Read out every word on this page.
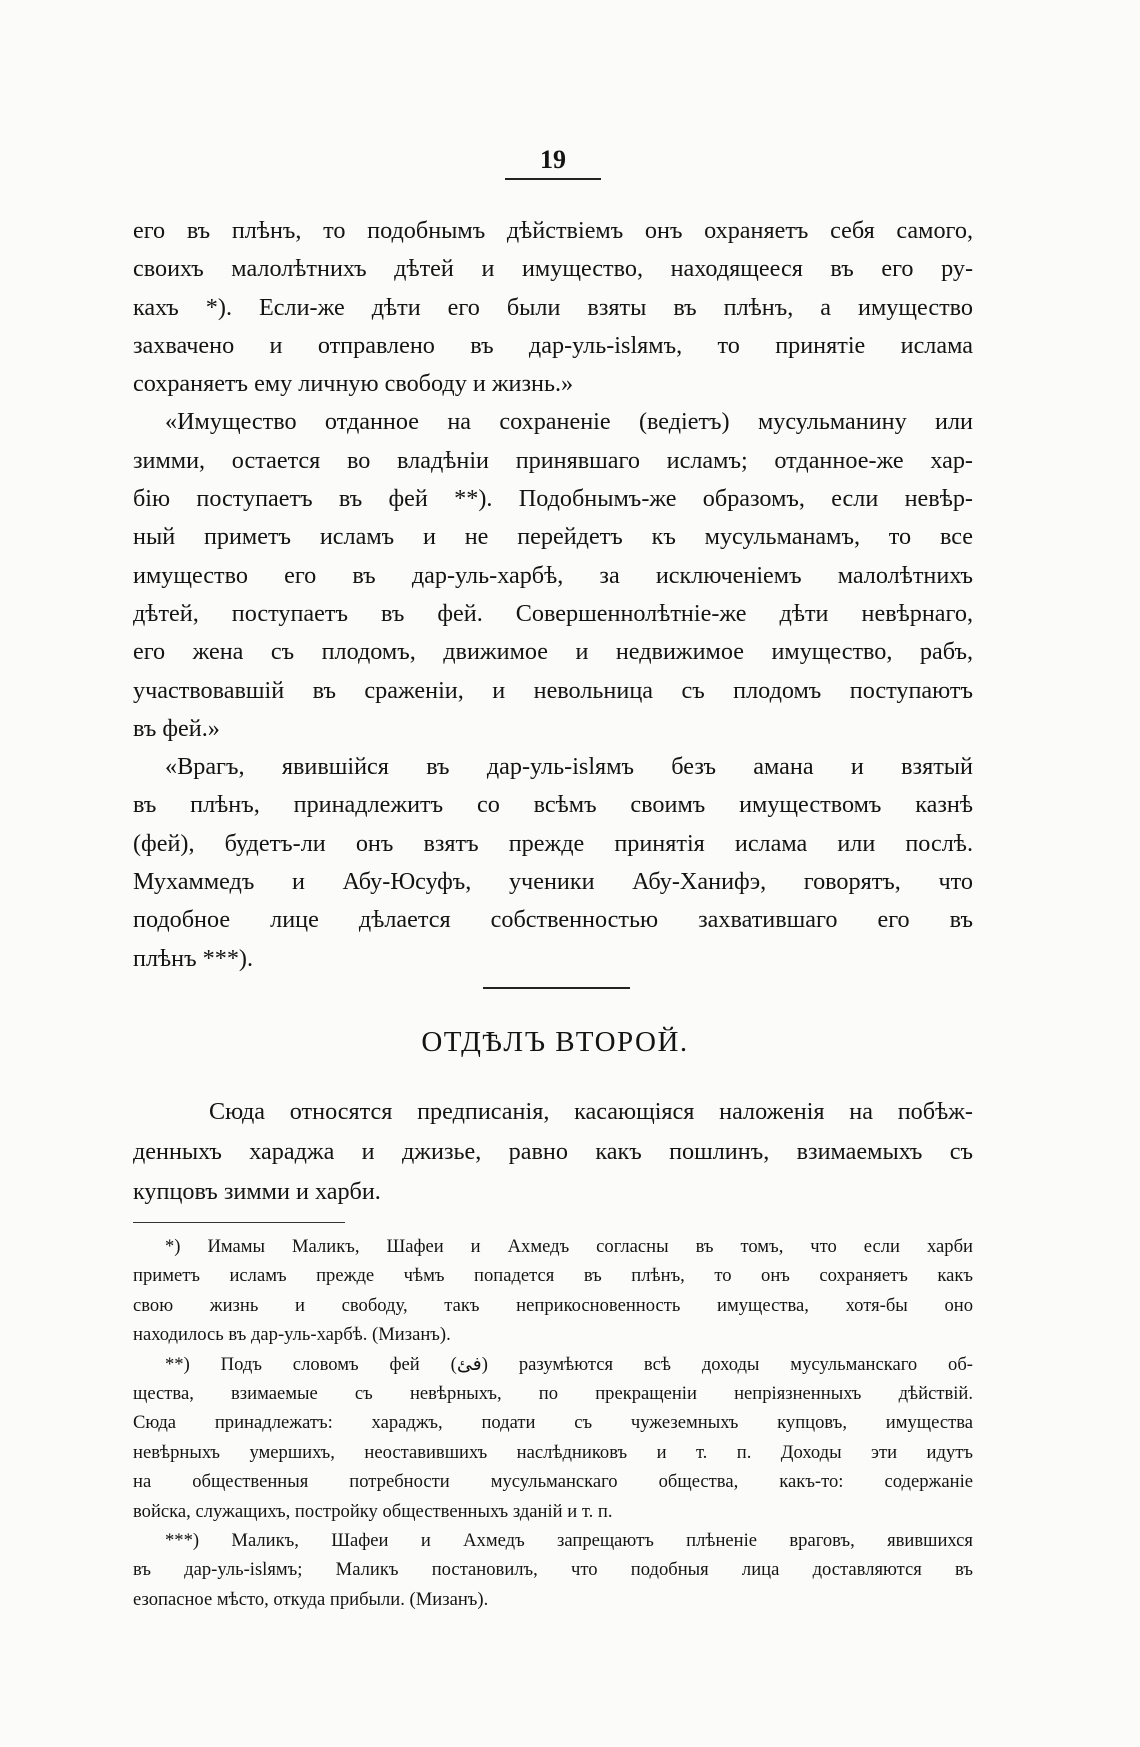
19

его въ плѣнъ, то подобнымъ дѣйствіемъ онъ охраняетъ себя самого,

своихъ малолѣтнихъ дѣтей и имущество, находящееся въ его ру-

кахъ *). Если-же дѣти его были взяты въ плѣнъ, а имущество

захвачено и отправлено въ дар-уль-islямъ, то принятіе ислама

сохраняетъ ему личную свободу и жизнь.»

«Имущество отданное на сохраненіе (ведіетъ) мусульманину или

зимми, остается во владѣніи принявшаго исламъ; отданное-же хар-

бію поступаетъ въ фей **). Подобнымъ-же образомъ, если невѣр-

ный приметъ исламъ и не перейдетъ къ мусульманамъ, то все

имущество его въ дар-уль-харбѣ, за исключеніемъ малолѣтнихъ

дѣтей, поступаетъ въ фей. Совершеннолѣтніе-же дѣти невѣрнаго,

его жена съ плодомъ, движимое и недвижимое имущество, рабъ,

участвовавшій въ сраженіи, и невольница съ плодомъ поступаютъ

въ фей.»

«Врагъ, явившійся въ дар-уль-islямъ безъ амана и взятый

въ плѣнъ, принадлежитъ со всѣмъ своимъ имуществомъ казнѣ

(фей), будетъ-ли онъ взятъ прежде принятія ислама или послѣ.

Мухаммедъ и Абу-Юсуфъ, ученики Абу-Ханифэ, говорятъ, что

подобное лице дѣлается собственностью захватившаго его въ

плѣнъ ***).

ОТДѢЛЪ ВТОРОЙ.

Сюда относятся предписанія, касающіяся наложенія на побѣж-

денныхъ хараджа и джизье, равно какъ пошлинъ, взимаемыхъ съ

купцовъ зимми и харби.

*) Имамы Маликъ, Шафеи и Ахмедъ согласны въ томъ, что если харби

приметъ исламъ прежде чѣмъ попадется въ плѣнъ, то онъ сохраняетъ какъ

свою жизнь и свободу, такъ неприкосновенность имущества, хотя-бы оно

находилось въ дар-уль-харбѣ. (Мизанъ).

**) Подъ словомъ фей (فئ) разумѣются всѣ доходы мусульманскаго об-

щества, взимаемые съ невѣрныхъ, по прекращеніи непріязненныхъ дѣйствій.

Сюда принадлежатъ: хараджъ, подати съ чужеземныхъ купцовъ, имущества

невѣрныхъ умершихъ, неоставившихъ наслѣдниковъ и т. п. Доходы эти идутъ

на общественныя потребности мусульманскаго общества, какъ-то: содержаніе

войска, служащихъ, постройку общественныхъ зданій и т. п.

***) Маликъ, Шафеи и Ахмедъ запрещаютъ плѣненіе враговъ, явившихся

въ дар-уль-islямъ; Маликъ постановилъ, что подобныя лица доставляются въ

езопасное мѣсто, откуда прибыли. (Мизанъ).
